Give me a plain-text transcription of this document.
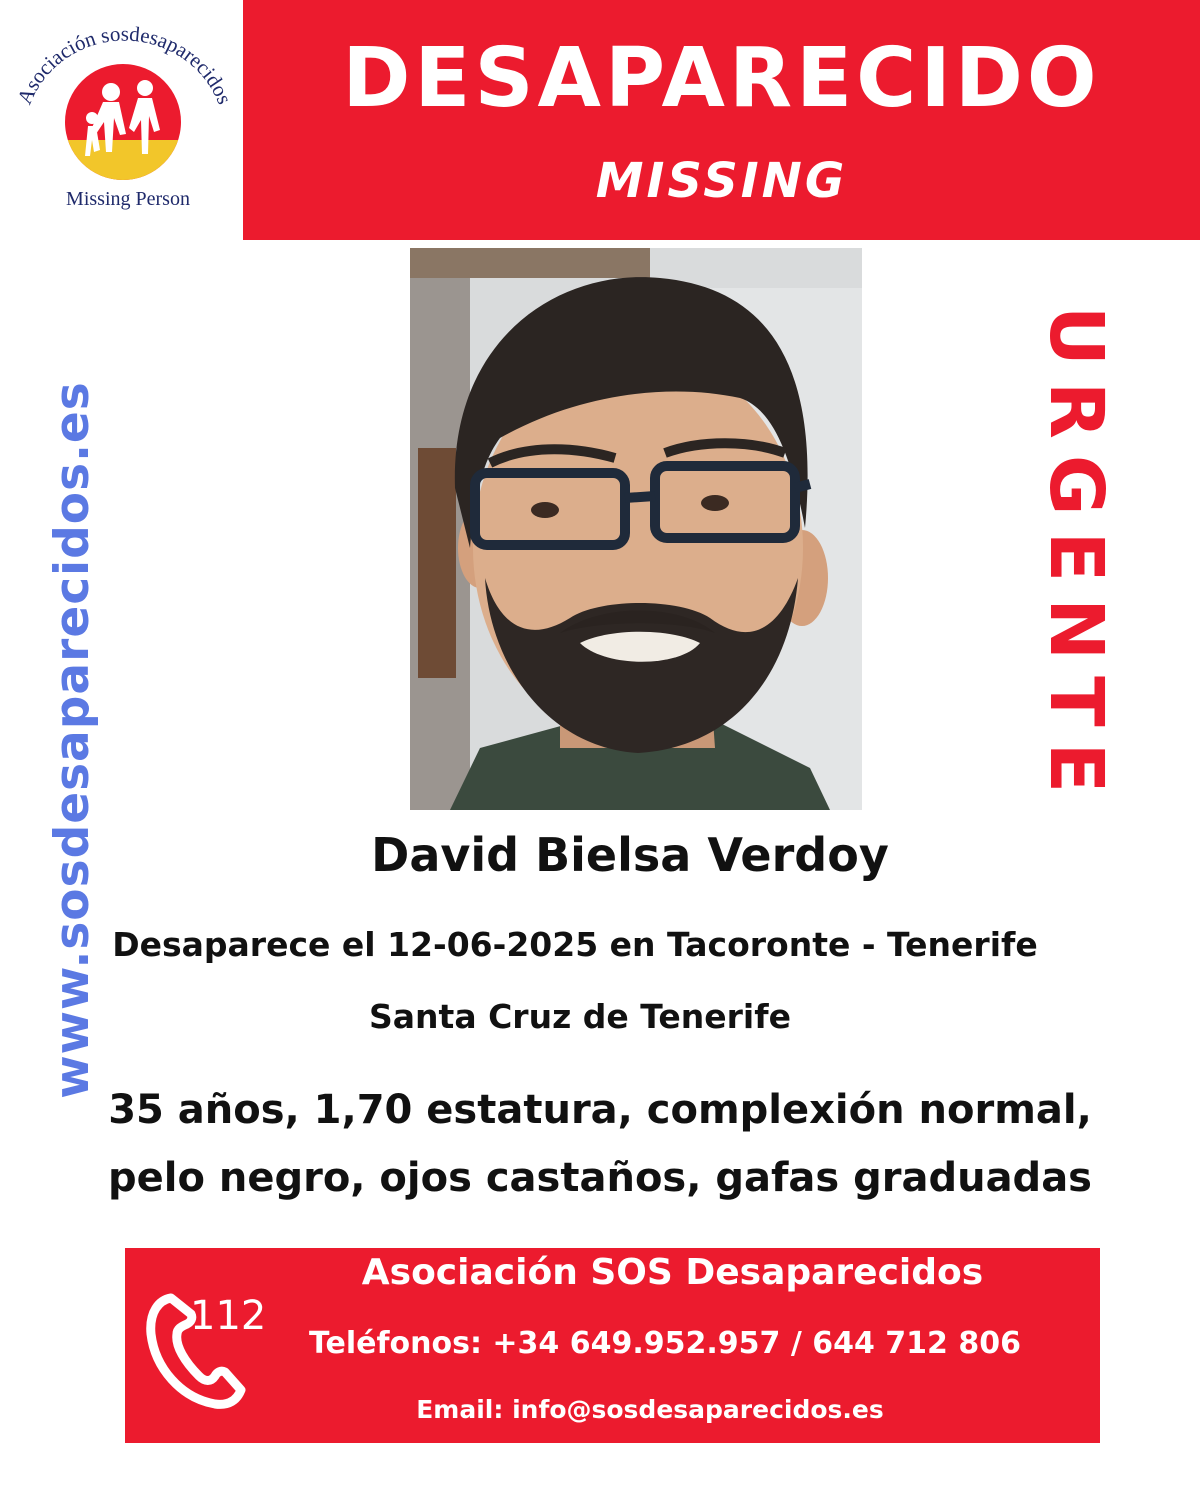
DESAPARECIDO
MISSING
Asociación sosdesaparecidos
Missing Person
www.sosdesaparecidos.es	URGENTE
David Bielsa Verdoy
Desaparece el 12-06-2025 en Tacoronte - Tenerife
Santa Cruz de Tenerife
35 años, 1,70 estatura, complexión normal,
pelo negro, ojos castaños, gafas graduadas
112
Asociación SOS Desaparecidos
Teléfonos: +34 649.952.957 / 644 712 806
Email: info@sosdesaparecidos.es
